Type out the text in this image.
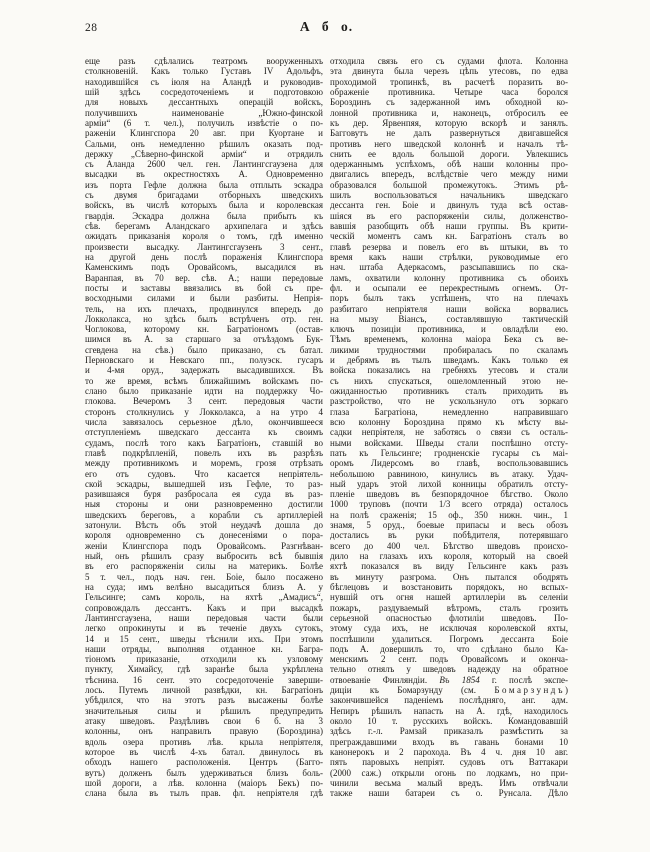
28	А б о.
еще разъ сдѣлались театромъ вооруженныхъ
столкновеній. Какъ только Густавъ IV Адольфъ,
находившійся съ іюля на Аландѣ и руководив-
шій здѣсь сосредоточеніемъ и подготовкою
для новыхъ дессантныхъ операцій войскъ,
получившихъ наименованіе „Южно-финской
арміи“ (6 т. чел.), получилъ извѣстіе о по-
раженіи Клингспора 20 авг. при Куортане и
Сальми, онъ немедленно рѣшилъ оказать под-
держку „Сѣверно-финской арміи“ и отрядилъ
съ Аланда 2600 чел. ген. Лантингсгаузена для
высадки въ окрестностяхъ А. Одновременно
изъ порта Гефле должна была отплыть эскадра
съ двумя бригадами отборныхъ шведскихъ
войскъ, въ числѣ которыхъ была и королевская
гвардія. Эскадра должна была прибыть къ
сѣв. берегамъ Аландскаго архипелага и здѣсь
ожидать приказанія короля о томъ, гдѣ именно
произвести высадку. Лантингсгаузенъ 3 сент.,
на другой день послѣ пораженія Клингспора
Каменскимъ подъ Оровайсомъ, высадился въ
Варанпая, въ 70 вер. сѣв. А.; наши передовые
посты и заставы ввязались въ бой съ пре-
восходными силами и были разбиты. Непрія-
тель, на ихъ плечахъ, продвинулся впередъ до
Локколакса, но здѣсь былъ встрѣченъ отр. ген.
Чоглокова, которому кн. Багратіономъ (остав-
шимся въ А. за старшаго за отъѣздомъ Бук-
сгевдена на сѣв.) было приказано, съ батал.
Перновскаго и Невскаго пп., полуэск. гусаръ
и 4-мя оруд., задержать высадившихся. Въ
то же время, всѣмъ ближайшимъ войскамъ по-
слано было приказаніе идти на поддержку Чо-
глокова. Вечеромъ 3 сент. передовыя части
сторонъ столкнулись у Локколакса, а на утро 4
числа завязалось серьезное дѣло, окончившееся
отступленіемъ шведскаго дессанта къ своимъ
судамъ, послѣ того какъ Багратіонъ, ставшій во
главѣ подкрѣпленій, повелъ ихъ въ разрѣзъ
между противникомъ и моремъ, грозя отрѣзать
его отъ судовъ. Что касается непріятель-
ской эскадры, вышедшей изъ Гефле, то раз-
разившаяся буря разбросала ея суда въ раз-
ныя стороны и они разновременно достигли
шведскихъ береговъ, а корабли съ артиллеріей
затонули. Вѣсть объ этой неудачѣ дошла до
короля одновременно съ донесеніями о пора-
женіи Клингспора подъ Оровайсомъ. Разгнѣван-
ный, онъ рѣшилъ сразу выбросить всѣ бывшія
въ его распоряженіи силы на материкъ. Болѣе
5 т. чел., подъ нач. ген. Боіе, было посажено
на суда; имъ велѣно высадиться близъ А. у
Гельсинге; самъ король, на яхтѣ „Амадисъ“,
сопровождалъ дессантъ. Какъ и при высадкѣ
Лантингсгаузена, наши передовыя части были
легко опрокинуты и въ теченіе двухъ сутокъ,
14 и 15 сент., шведы тѣснили ихъ. При этомъ
наши отряды, выполняя отданное кн. Багра-
тіономъ приказаніе, отходили къ узловому
пункту, Химайсу, гдѣ заранѣе была укрѣплена
тѣснина. 16 сент. это сосредоточеніе заверши-
лось. Путемъ личной развѣдки, кн. Багратіонъ
убѣдился, что на этотъ разъ высажены болѣе
значительныя силы и рѣшилъ предупредить
атаку шведовъ. Раздѣливъ свои 6 б. на 3
колонны, онъ направилъ правую (Бороздина)
вдоль озера противъ лѣв. крыла непріятеля,
которое въ числѣ 4-хъ батал. двинулось въ
обходъ нашего расположенія. Центръ (Багго-
вутъ) долженъ былъ удерживаться близъ боль-
шой дороги, а лѣв. колонна (маіоръ Бекъ) по-
слана была въ тылъ прав. фл. непріятеля гдѣ
отходила связь его съ судами флота. Колонна
эта двинута была черезъ цѣпь утесовъ, по едва
проходимой тропинкѣ, въ расчетѣ поразить во-
ображеніе противника. Четыре часа боролся
Бороздинъ съ задержанной имъ обходной ко-
лонной противника и, наконецъ, отбросилъ ее
къ дер. Ярвенпяя, которую вскорѣ и занялъ.
Багговутъ не далъ развернуться двигавшейся
противъ него шведской колоннѣ и началъ тѣ-
снить ее вдоль большой дороги. Увлекшись
одержаннымъ успѣхомъ, обѣ наши колонны про-
двигались впередъ, вслѣдствіе чего между ними
образовался большой промежутокъ. Этимъ рѣ-
шилъ воспользоваться начальникъ шведскаго
дессанта ген. Боіе и двинулъ туда всѣ остав-
шіяся въ его распоряженіи силы, долженство-
вавшія разобщить обѣ наши группы. Въ крити-
ческій моментъ самъ кн. Багратіонъ сталъ во
главѣ резерва и повелъ его въ штыки, въ то
время какъ наши стрѣлки, руководимые его
нач. штаба Адеркасомъ, разсыпавшись по ска-
ламъ, охватили колонну противника съ обоихъ
фл. и осыпали ее перекрестнымъ огнемъ. От-
поръ былъ такъ успѣшенъ, что на плечахъ
разбитаго непріятеля наши войска ворвались
на мызу Віансъ, составлявшую тактическій
ключъ позиціи противника, и овладѣли ею.
Тѣмъ временемъ, колонна маіора Бека съ ве-
ликими трудностями пробиралась по скаламъ
и дебрямъ въ тылъ шведамъ. Какъ только ея
войска показались на гребняхъ утесовъ и стали
съ нихъ спускаться, ошеломленный этою не-
ожиданностью противникъ сталъ приходить въ
разстройство, что не ускользнуло отъ зоркаго
глаза Багратіона, немедленно направившаго
всю колонну Бороздина прямо къ мѣсту вы-
садки непріятеля, не заботясь о связи съ осталь-
ными войсками. Шведы стали поспѣшно отсту-
пать къ Гельсинге; гродненскіе гусары съ маі-
оромъ Лидерсомъ во главѣ, воспользовавшись
небольшою равниною, кинулись въ атаку. Удач-
ный ударъ этой лихой конницы обратилъ отсту-
пленіе шведовъ въ безпорядочное бѣгство. Около
1000 труповъ (почти 1/3 всего отряда) осталось
на полѣ сраженія; 15 оф., 350 нижн. чин., 1
знамя, 5 оруд., боевые припасы и весь обозъ
достались въ руки побѣдителя, потерявшаго
всего до 400 чел. Бѣгство шведовъ происхо-
дило на глазахъ ихъ короля, который на своей
яхтѣ показался въ виду Гельсинге какъ разъ
въ минуту разгрома. Онъ пытался ободрять
бѣглецовъ и возстановить порядокъ, но вспых-
нувшій отъ огня нашей артиллеріи въ селеніи
пожаръ, раздуваемый вѣтромъ, сталъ грозить
серьезной опасностью флотиліи шведовъ. По-
этому суда ихъ, не исключая королевской яхты,
поспѣшили удалиться. Погромъ дессанта Боіе
подъ А. довершилъ то, что сдѣлано было Ка-
менскимъ 2 сент. подъ Оровайсомъ и оконча-
тельно отнялъ у шведовъ надежду на обратное
отвоеваніе Финляндіи. Въ 1854 г. послѣ экспе-
диціи къ Бомарзунду (см. Бомарзундъ)
закончившейся паденіемъ послѣдняго, анг. адм.
Непиръ рѣшилъ напасть на А. гдѣ, находилось
около 10 т. русскихъ войскъ. Командовавшій
здѣсь г.-л. Рамзай приказалъ размѣстить за
преграждавшими входъ въ гавань бонами 10
канонерокъ и 2 парохода. Въ 4 ч. дня 10 авг.
пять паровыхъ непріят. судовъ отъ Ваттакари
(2000 саж.) открыли огонь по лодкамъ, но при-
чинили весьма малый вредъ. Имъ отвѣчали
также наши батареи съ о. Рунсала. Дѣло
